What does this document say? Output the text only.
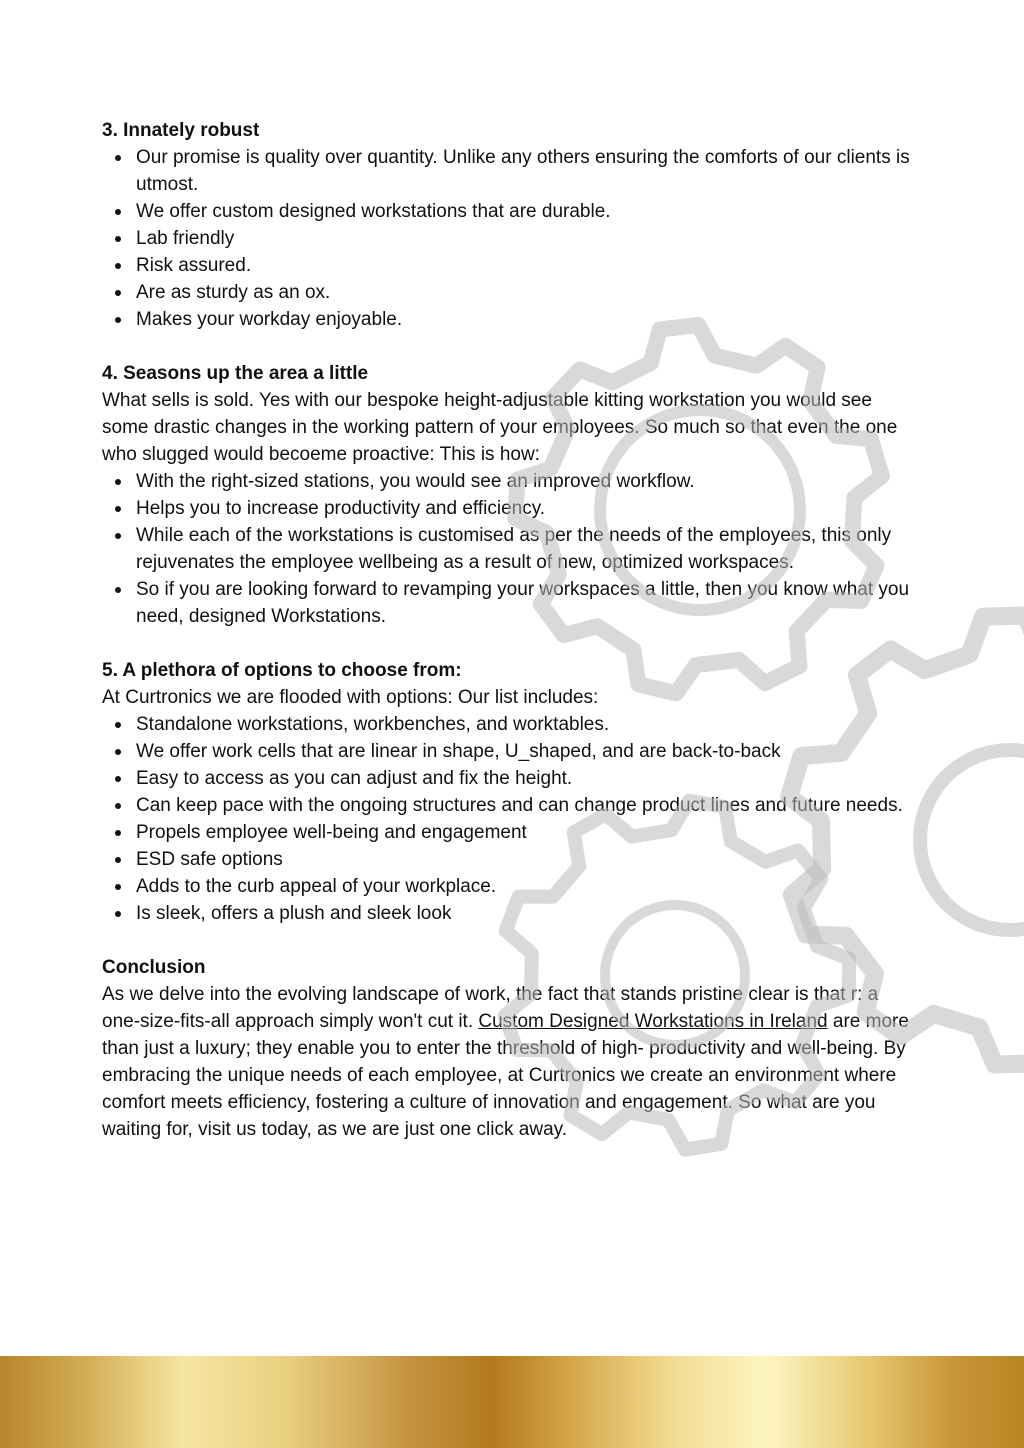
3. Innately robust
Our promise is quality over quantity. Unlike any others ensuring the comforts of our clients is utmost.
We offer custom designed workstations that are durable.
Lab friendly
Risk assured.
Are as sturdy as an ox.
Makes your workday enjoyable.
4. Seasons up the area a little

What sells is sold. Yes with our bespoke height-adjustable kitting workstation you would see some drastic changes in the working pattern of your employees. So much so that even the one who slugged would becoeme proactive: This is how:

With the right-sized stations, you would see an improved workflow.
Helps you to increase productivity and efficiency.
While each of the workstations is customised as per the needs of the employees, this only rejuvenates the employee wellbeing as a result of new, optimized workspaces.
So if you are looking forward to revamping your workspaces a little, then you know what you need, designed Workstations.
5. A plethora of options to choose from:

At Curtronics we are flooded with options: Our list includes:

Standalone workstations, workbenches, and worktables.
We offer work cells that are linear in shape, U_shaped, and are back-to-back
Easy to access as you can adjust and fix the height.
Can keep pace with the ongoing structures and can change product lines and future needs.
Propels employee well-being and engagement
ESD safe options
Adds to the curb appeal of your workplace.
Is sleek, offers a plush and sleek look
Conclusion

As we delve into the evolving landscape of work, the fact that stands pristine clear is that r: a one-size-fits-all approach simply won't cut it. Custom Designed Workstations in Ireland are more than just a luxury; they enable you to enter the threshold of high- productivity and well-being. By embracing the unique needs of each employee, at Curtronics we create an environment where comfort meets efficiency, fostering a culture of innovation and engagement. So what are you waiting for, visit us today, as we are just one click away.
